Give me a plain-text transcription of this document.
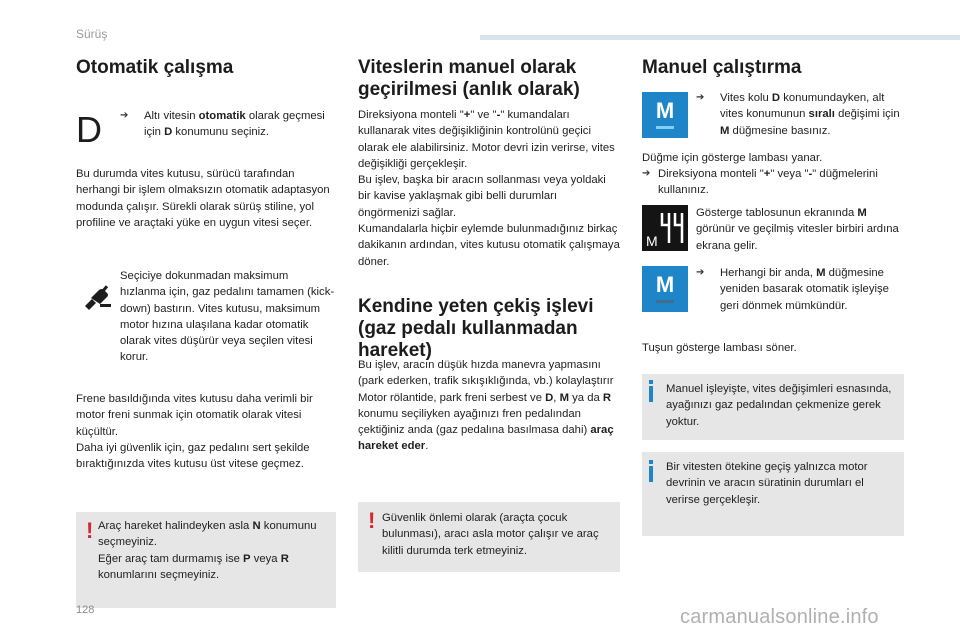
Sürüş
Otomatik çalışma
D	➔ Altı vitesin otomatik olarak geçmesi için D konumunu seçiniz.
Bu durumda vites kutusu, sürücü tarafından herhangi bir işlem olmaksızın otomatik adaptasyon modunda çalışır. Sürekli olarak sürüş stiline, yol profiline ve araçtaki yüke en uygun vitesi seçer.
Seçiciye dokunmadan maksimum hızlanma için, gaz pedalını tamamen (kick-down) bastırın. Vites kutusu, maksimum motor hızına ulaşılana kadar otomatik olarak vites düşürür veya seçilen vitesi korur.
Frene basıldığında vites kutusu daha verimli bir motor freni sunmak için otomatik olarak vitesi küçültür.
Daha iyi güvenlik için, gaz pedalını sert şekilde bıraktığınızda vites kutusu üst vitese geçmez.
! Araç hareket halindeyken asla N konumunu seçmeyiniz.
Eğer araç tam durmamış ise P veya R konumlarını seçmeyiniz.
Viteslerin manuel olarak geçirilmesi (anlık olarak)
Direksiyona monteli "+" ve "-" kumandaları kullanarak vites değişikliğinin kontrolünü geçici olarak ele alabilirsiniz. Motor devri izin verirse, vites değişikliği gerçekleşir.
Bu işlev, başka bir aracın sollanması veya yoldaki bir kavise yaklaşmak gibi belli durumları öngörmenizi sağlar.
Kumandalarla hiçbir eylemde bulunmadığınız birkaç dakikanın ardından, vites kutusu otomatik çalışmaya döner.
Kendine yeten çekiş işlevi (gaz pedalı kullanmadan hareket)
Bu işlev, aracın düşük hızda manevra yapmasını (park ederken, trafik sıkışıklığında, vb.) kolaylaştırır
Motor rölantide, park freni serbest ve D, M ya da R konumu seçiliyken ayağınızı fren pedalından çektiğiniz anda (gaz pedalına basılmasa dahi) araç hareket eder.
! Güvenlik önlemi olarak (araçta çocuk bulunması), aracı asla motor çalışır ve araç kilitli durumda terk etmeyiniz.
Manuel çalıştırma
M
➔ Vites kolu D konumundayken, alt vites konumunun sıralı değişimi için M düğmesine basınız.
Düğme için gösterge lambası yanar.
➔ Direksiyona monteli "+" veya "-" düğmelerini kullanınız.
M
Gösterge tablosunun ekranında M görünür ve geçilmiş vitesler birbiri ardına ekrana gelir.
M	➔ Herhangi bir anda, M düğmesine yeniden basarak otomatik işleyişe geri dönmek mümkündür.
Tuşun gösterge lambası söner.
Manuel işleyişte, vites değişimleri esnasında, ayağınızı gaz pedalından çekmenize gerek yoktur.
Bir vitesten ötekine geçiş yalnızca motor devrinin ve aracın süratinin durumları el verirse gerçekleşir.
128	carmanualsonline.info
